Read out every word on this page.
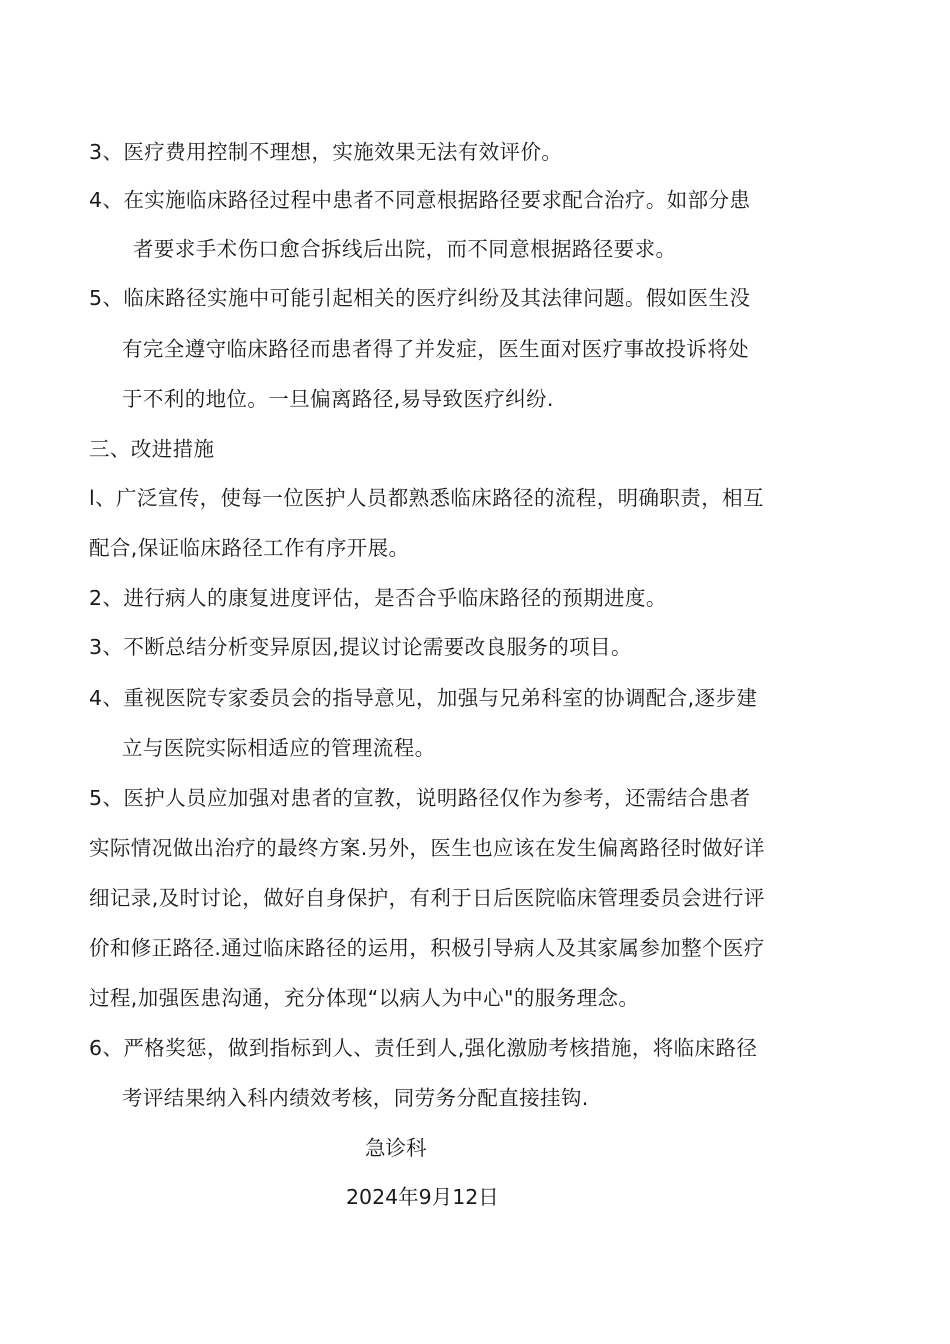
3、医疗费用控制不理想，实施效果无法有效评价。
4、在实施临床路径过程中患者不同意根据路径要求配合治疗。如部分患
者要求手术伤口愈合拆线后出院，而不同意根据路径要求。
5、临床路径实施中可能引起相关的医疗纠纷及其法律问题。假如医生没
有完全遵守临床路径而患者得了并发症，医生面对医疗事故投诉将处
于不利的地位。一旦偏离路径,易导致医疗纠纷.
三、改进措施
l、广泛宣传，使每一位医护人员都熟悉临床路径的流程，明确职责，相互
配合,保证临床路径工作有序开展。
2、进行病人的康复进度评估，是否合乎临床路径的预期进度。
3、不断总结分析变异原因,提议讨论需要改良服务的项目。
4、重视医院专家委员会的指导意见，加强与兄弟科室的协调配合,逐步建
立与医院实际相适应的管理流程。
5、医护人员应加强对患者的宣教，说明路径仅作为参考，还需结合患者
实际情况做出治疗的最终方案.另外，医生也应该在发生偏离路径时做好详
细记录,及时讨论，做好自身保护，有利于日后医院临床管理委员会进行评
价和修正路径.通过临床路径的运用，积极引导病人及其家属参加整个医疗
过程,加强医患沟通，充分体现“以病人为中心"的服务理念。
6、严格奖惩，做到指标到人、责任到人,强化激励考核措施，将临床路径
考评结果纳入科内绩效考核，同劳务分配直接挂钩.
急诊科
2024年9月12日
